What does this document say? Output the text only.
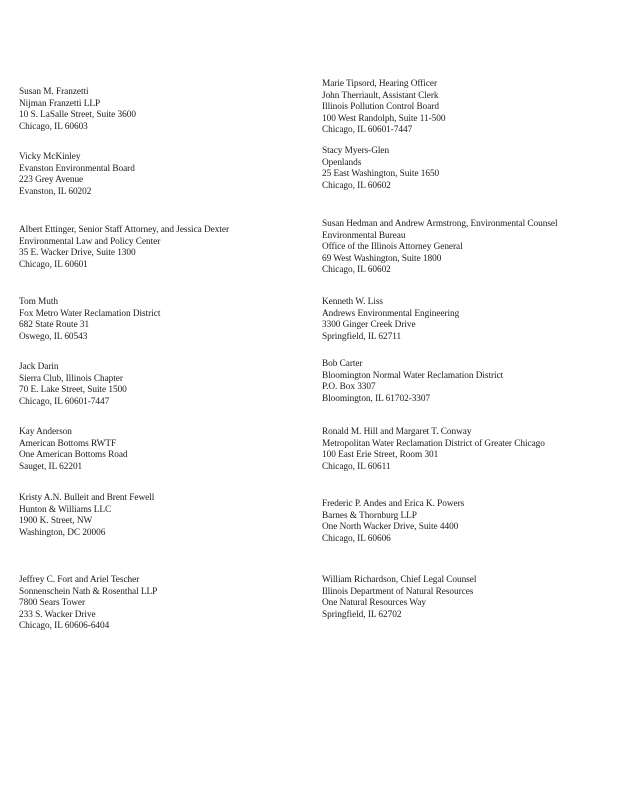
Susan M. Franzetti
Nijman Franzetti LLP
10 S. LaSalle Street, Suite 3600
Chicago, IL 60603
Vicky McKinley
Evanston Environmental Board
223 Grey Avenue
Evanston, IL 60202
Albert Ettinger, Senior Staff Attorney, and Jessica Dexter
Environmental Law and Policy Center
35 E. Wacker Drive, Suite 1300
Chicago, IL 60601
Tom Muth
Fox Metro Water Reclamation District
682 State Route 31
Oswego, IL 60543
Jack Darin
Sierra Club, Illinois Chapter
70 E. Lake Street, Suite 1500
Chicago, IL 60601-7447
Kay Anderson
American Bottoms RWTF
One American Bottoms Road
Sauget, IL 62201
Kristy A.N. Bulleit and Brent Fewell
Hunton & Williams LLC
1900 K. Street, NW
Washington, DC 20006
Jeffrey C. Fort and Ariel Tescher
Sonnenschein Nath & Rosenthal LLP
7800 Sears Tower
233 S. Wacker Drive
Chicago, IL 60606-6404
Marie Tipsord, Hearing Officer
John Therriault, Assistant Clerk
Illinois Pollution Control Board
100 West Randolph, Suite 11-500
Chicago, IL 60601-7447
Stacy Myers-Glen
Openlands
25 East Washington, Suite 1650
Chicago, IL 60602
Susan Hedman and Andrew Armstrong, Environmental Counsel
Environmental Bureau
Office of the Illinois Attorney General
69 West Washington, Suite 1800
Chicago, IL 60602
Kenneth W. Liss
Andrews Environmental Engineering
3300 Ginger Creek Drive
Springfield, IL 62711
Bob Carter
Bloomington Normal Water Reclamation District
P.O. Box 3307
Bloomington, IL 61702-3307
Ronald M. Hill and Margaret T. Conway
Metropolitan Water Reclamation District of Greater Chicago
100 East Erie Street, Room 301
Chicago, IL 60611
Frederic P. Andes and Erica K. Powers
Barnes & Thornburg LLP
One North Wacker Drive, Suite 4400
Chicago, IL 60606
William Richardson, Chief Legal Counsel
Illinois Department of Natural Resources
One Natural Resources Way
Springfield, IL 62702
